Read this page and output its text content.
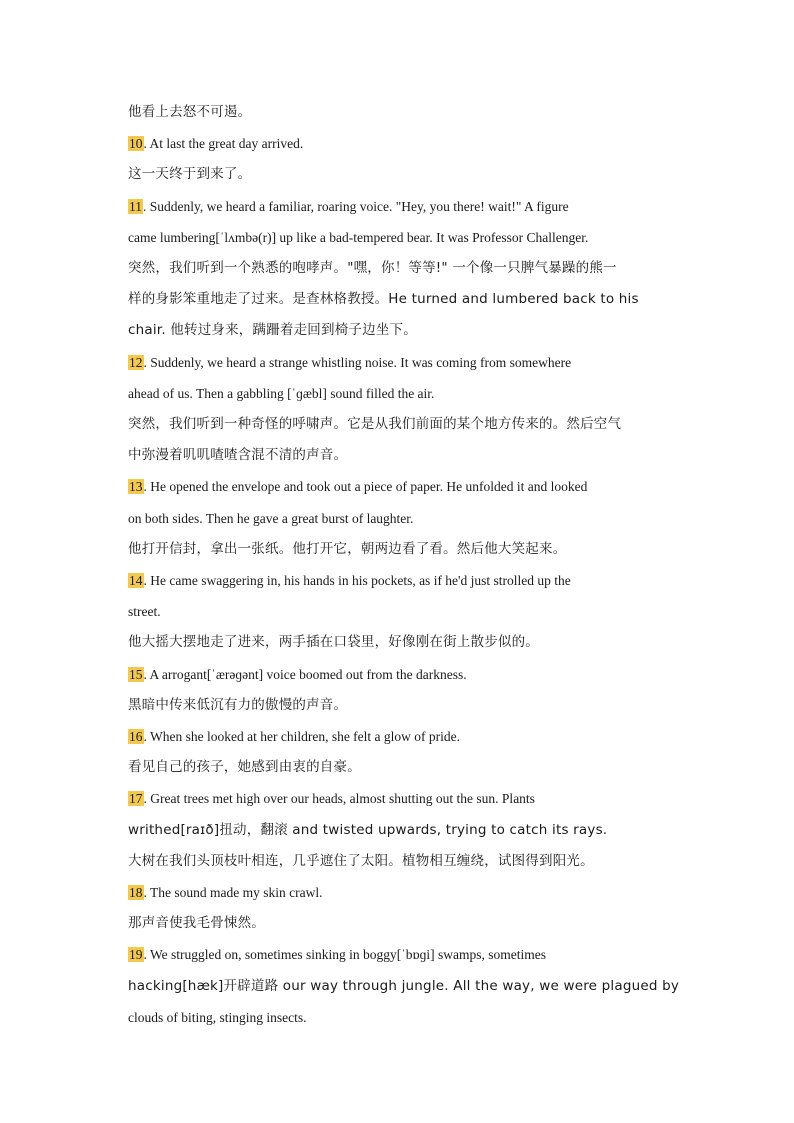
他看上去怒不可遏。
10. At last the great day arrived.
这一天终于到来了。
11. Suddenly, we heard a familiar, roaring voice. "Hey, you there! wait!" A figure
came lumbering[ˈlʌmbə(r)] up like a bad-tempered bear. It was Professor Challenger.
突然，我们听到一个熟悉的咆哮声。"嘿，你！等等!" 一个像一只脾气暴躁的熊一
样的身影笨重地走了过来。是查林格教授。He turned and lumbered back to his
chair. 他转过身来，蹒跚着走回到椅子边坐下。
12. Suddenly, we heard a strange whistling noise. It was coming from somewhere
ahead of us. Then a gabbling [ˈɡæbl] sound filled the air.
突然，我们听到一种奇怪的呼啸声。它是从我们前面的某个地方传来的。然后空气
中弥漫着叽叽喳喳含混不清的声音。
13. He opened the envelope and took out a piece of paper. He unfolded it and looked
on both sides. Then he gave a great burst of laughter.
他打开信封，拿出一张纸。他打开它，朝两边看了看。然后他大笑起来。
14. He came swaggering in, his hands in his pockets, as if he'd just strolled up the
street.
他大摇大摆地走了进来，两手插在口袋里，好像刚在街上散步似的。
15. A arrogant[ˈærəɡənt] voice boomed out from the darkness.
黑暗中传来低沉有力的傲慢的声音。
16. When she looked at her children, she felt a glow of pride.
看见自己的孩子，她感到由衷的自豪。
17. Great trees met high over our heads, almost shutting out the sun. Plants
writhed[raɪð]扭动，翻滚 and twisted upwards, trying to catch its rays.
大树在我们头顶枝叶相连，几乎遮住了太阳。植物相互缠绕，试图得到阳光。
18. The sound made my skin crawl.
那声音使我毛骨悚然。
19. We struggled on, sometimes sinking in boggy[ˈbɒɡi] swamps, sometimes
hacking[hæk]开辟道路 our way through jungle. All the way, we were plagued by
clouds of biting, stinging insects.
